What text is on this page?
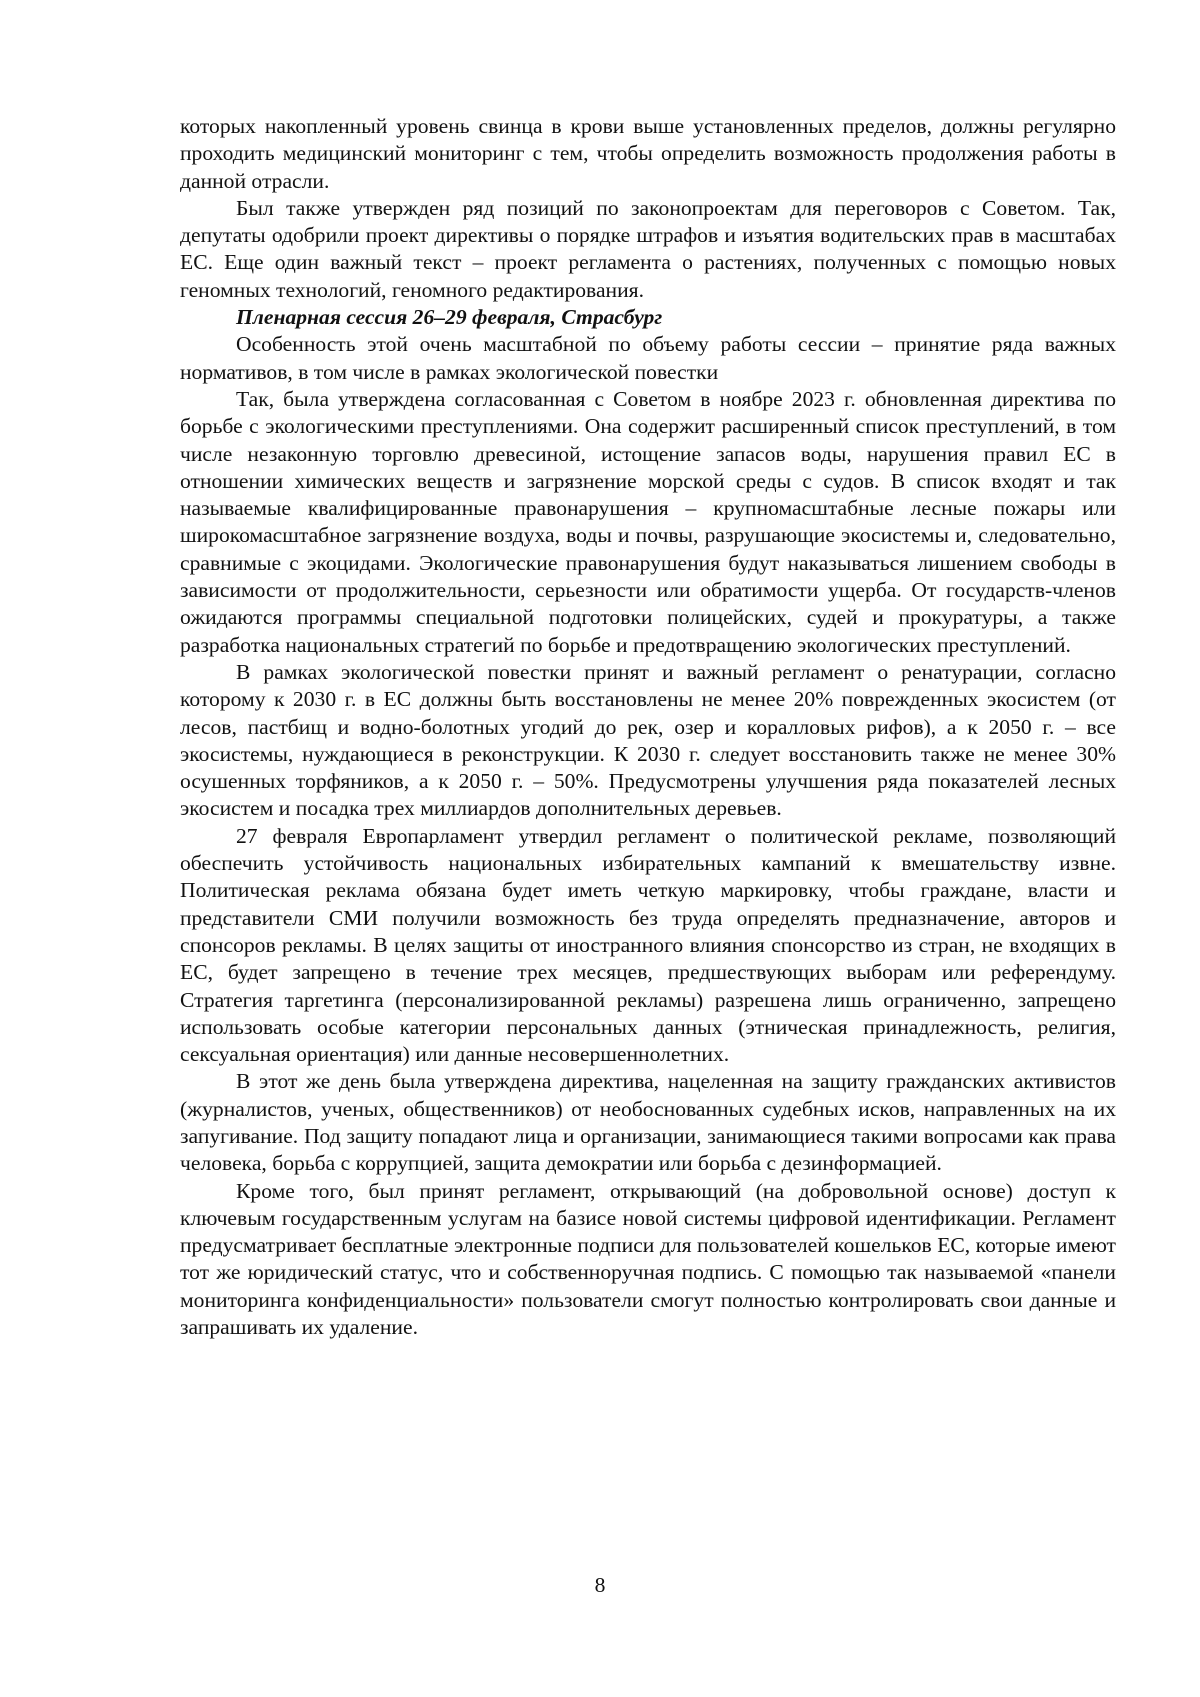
которых накопленный уровень свинца в крови выше установленных пределов, должны регулярно проходить медицинский мониторинг с тем, чтобы определить возможность продолжения работы в данной отрасли.

Был также утвержден ряд позиций по законопроектам для переговоров с Советом. Так, депутаты одобрили проект директивы о порядке штрафов и изъятия водительских прав в масштабах ЕС. Еще один важный текст – проект регламента о растениях, полученных с помощью новых геномных технологий, геномного редактирования.

Пленарная сессия 26–29 февраля, Страсбург

Особенность этой очень масштабной по объему работы сессии – принятие ряда важных нормативов, в том числе в рамках экологической повестки

Так, была утверждена согласованная с Советом в ноябре 2023 г. обновленная директива по борьбе с экологическими преступлениями. Она содержит расширенный список преступлений, в том числе незаконную торговлю древесиной, истощение запасов воды, нарушения правил ЕС в отношении химических веществ и загрязнение морской среды с судов. В список входят и так называемые квалифицированные правонарушения – крупномасштабные лесные пожары или широкомасштабное загрязнение воздуха, воды и почвы, разрушающие экосистемы и, следовательно, сравнимые с экоцидами. Экологические правонарушения будут наказываться лишением свободы в зависимости от продолжительности, серьезности или обратимости ущерба. От государств-членов ожидаются программы специальной подготовки полицейских, судей и прокуратуры, а также разработка национальных стратегий по борьбе и предотвращению экологических преступлений.

В рамках экологической повестки принят и важный регламент о ренатурации, согласно которому к 2030 г. в ЕС должны быть восстановлены не менее 20% поврежденных экосистем (от лесов, пастбищ и водно-болотных угодий до рек, озер и коралловых рифов), а к 2050 г. – все экосистемы, нуждающиеся в реконструкции. К 2030 г. следует восстановить также не менее 30% осушенных торфяников, а к 2050 г. – 50%. Предусмотрены улучшения ряда показателей лесных экосистем и посадка трех миллиардов дополнительных деревьев.

27 февраля Европарламент утвердил регламент о политической рекламе, позволяющий обеспечить устойчивость национальных избирательных кампаний к вмешательству извне. Политическая реклама обязана будет иметь четкую маркировку, чтобы граждане, власти и представители СМИ получили возможность без труда определять предназначение, авторов и спонсоров рекламы. В целях защиты от иностранного влияния спонсорство из стран, не входящих в ЕС, будет запрещено в течение трех месяцев, предшествующих выборам или референдуму. Стратегия таргетинга (персонализированной рекламы) разрешена лишь ограниченно, запрещено использовать особые категории персональных данных (этническая принадлежность, религия, сексуальная ориентация) или данные несовершеннолетних.

В этот же день была утверждена директива, нацеленная на защиту гражданских активистов (журналистов, ученых, общественников) от необоснованных судебных исков, направленных на их запугивание. Под защиту попадают лица и организации, занимающиеся такими вопросами как права человека, борьба с коррупцией, защита демократии или борьба с дезинформацией.

Кроме того, был принят регламент, открывающий (на добровольной основе) доступ к ключевым государственным услугам на базисе новой системы цифровой идентификации. Регламент предусматривает бесплатные электронные подписи для пользователей кошельков ЕС, которые имеют тот же юридический статус, что и собственноручная подпись. С помощью так называемой «панели мониторинга конфиденциальности» пользователи смогут полностью контролировать свои данные и запрашивать их удаление.

8
